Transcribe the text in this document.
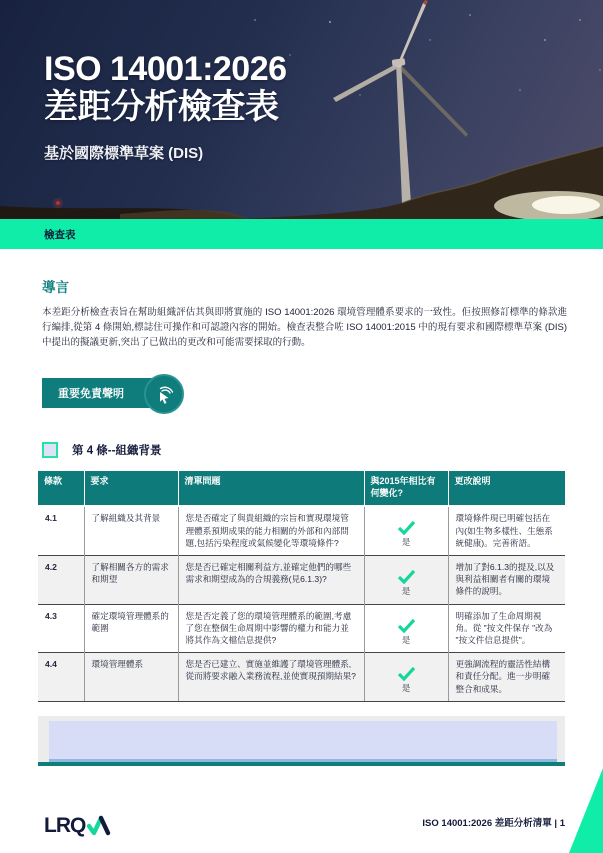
ISO 14001:2026
差距分析檢查表
基於國際標準草案 (DIS)
檢查表
導言

本差距分析檢查表旨在幫助組織評估其與即將實施的 ISO 14001:2026 環境管理體系要求的一致性。佢按照修訂標準的條款進行編排,從第 4 條開始,標誌住可操作和可認證內容的開始。檢查表整合咗 ISO 14001:2015 中的現有要求和國際標準草案 (DIS) 中提出的擬議更新,突出了已做出的更改和可能需要採取的行動。

重要免責聲明
第 4 條--組織背景
條款	要求	清單問題	與2015年相比有何變化?	更改說明
4.1	了解組織及其背景	您是否確定了與貴組織的宗旨和實現環境管理體系預期成果的能力相關的外部和內部問題,包括污染程度或氣候變化等環境條件?	是	環境條件現已明確包括在內(如生物多樣性、生態系統健康)。完善術語。
4.2	了解相關各方的需求和期望	您是否已確定相關利益方,並確定他們的哪些需求和期望成為的合規義務(見6.1.3)?	是	增加了對6.1.3的提及,以及與利益相關者有關的環境條件的說明。
4.3	確定環境管理體系的範圍	您是否定義了您的環境管理體系的範圍,考慮了您在整個生命周期中影響的權力和能力並將其作為文檔信息提供?	是	明確添加了生命周期視角。從 "按文件保存 "改為 "按文件信息提供"。
4.4	環境管理體系	您是否已建立、實施並維護了環境管理體系,從而將要求融入業務流程,並使實現預期結果?	是	更強調流程的靈活性結構和責任分配。進一步明確整合和成果。
LRQ	ISO 14001:2026 差距分析清單 | 1
